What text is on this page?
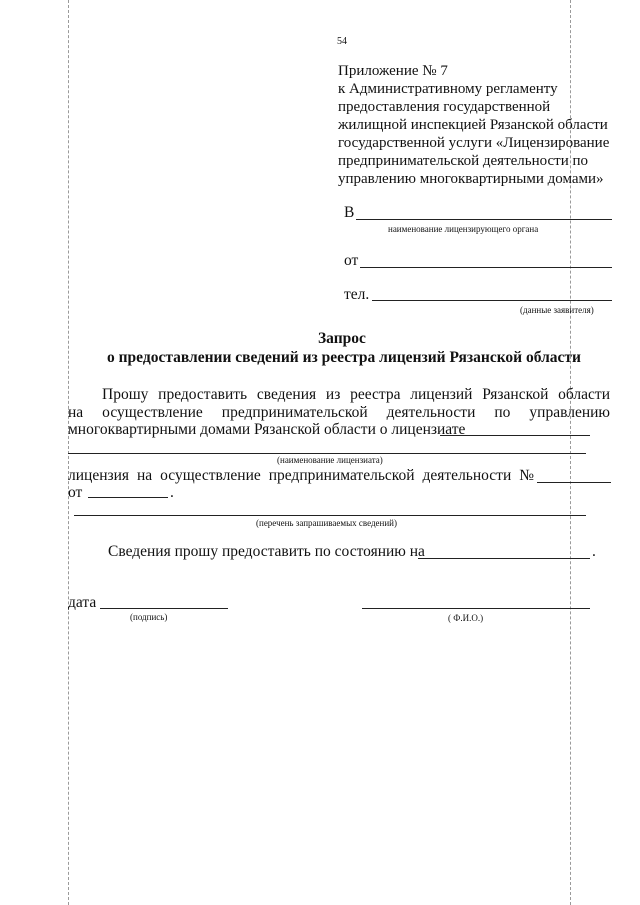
54
Приложение № 7
к Административному регламенту
предоставления государственной
жилищной инспекцией Рязанской области
государственной услуги «Лицензирование
предпринимательской деятельности по
управлению многоквартирными домами»
В
наименование лицензирующего органа
от
тел.
(данные заявителя)
Запрос
о предоставлении сведений из реестра лицензий Рязанской области
Прошу предоставить сведения из реестра лицензий Рязанской области
на осуществление предпринимательской деятельности по управлению
многоквартирными домами Рязанской области о лицензиате
(наименование лицензиата)
лицензия на осуществление предпринимательской деятельности №
от	.
(перечень запрашиваемых сведений)
Сведения прошу предоставить по состоянию на	.
дата
(подпись)	( Ф.И.О.)
